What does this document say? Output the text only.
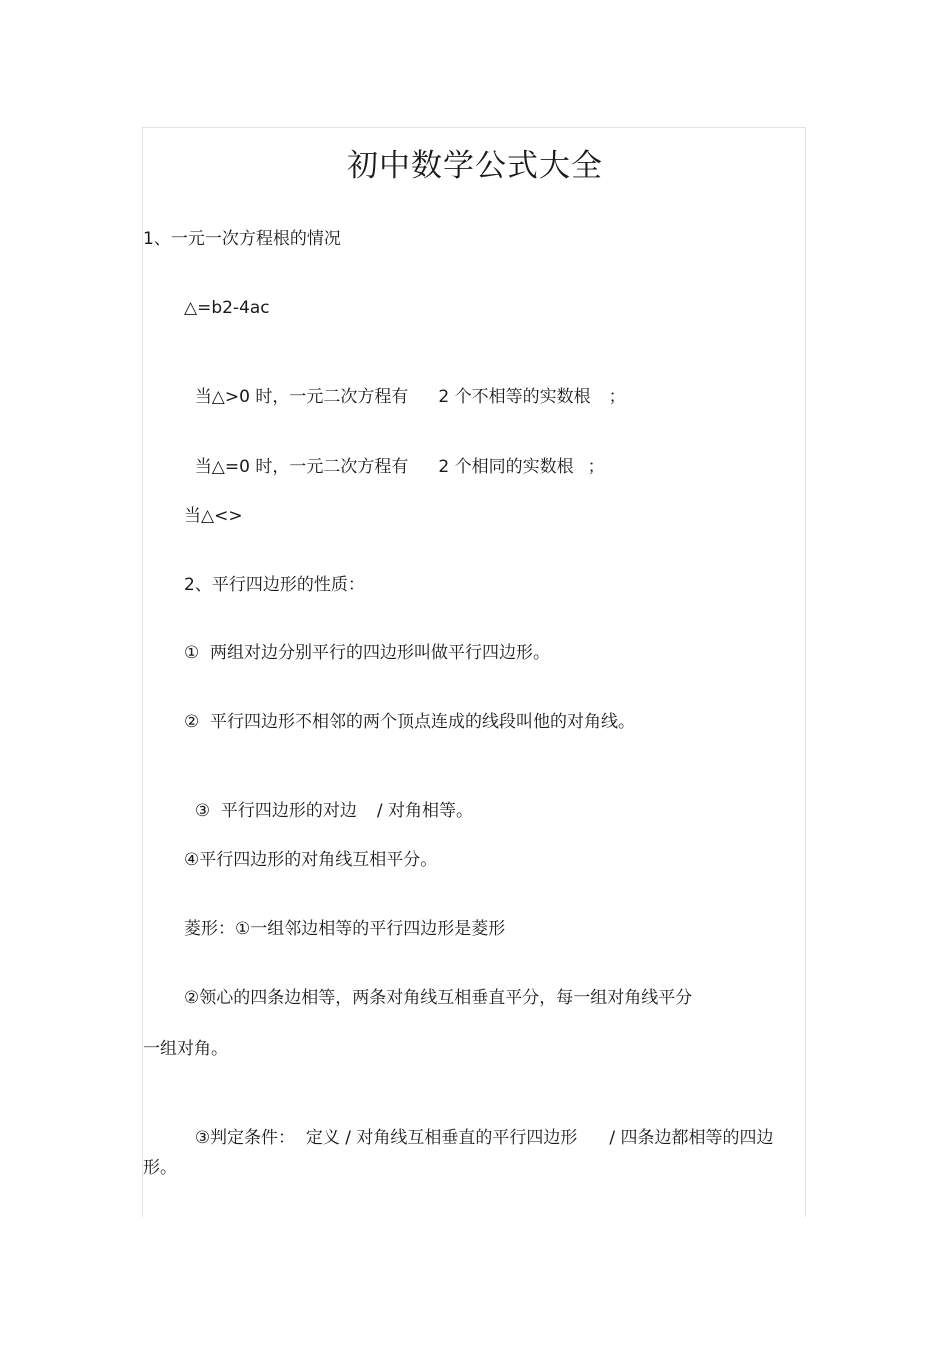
初中数学公式大全
1、一元一次方程根的情况
△=b2-4ac

当△>0 时，一元二次方程有 2 个不相等的实数根 ；

当△=0 时，一元二次方程有 2 个相同的实数根 ；

当△<>
2、平行四边形的性质：
①  两组对边分别平行的四边形叫做平行四边形。
②  平行四边形不相邻的两个顶点连成的线段叫他的对角线。

③  平行四边形的对边 / 对角相等。

④平行四边形的对角线互相平分。
菱形：①一组邻边相等的平行四边形是菱形
②领心的四条边相等，两条对角线互相垂直平分，每一组对角线平分
一组对角。

③判定条件：  定义 / 对角线互相垂直的平行四边形 / 四条边都相等的四边

形。
